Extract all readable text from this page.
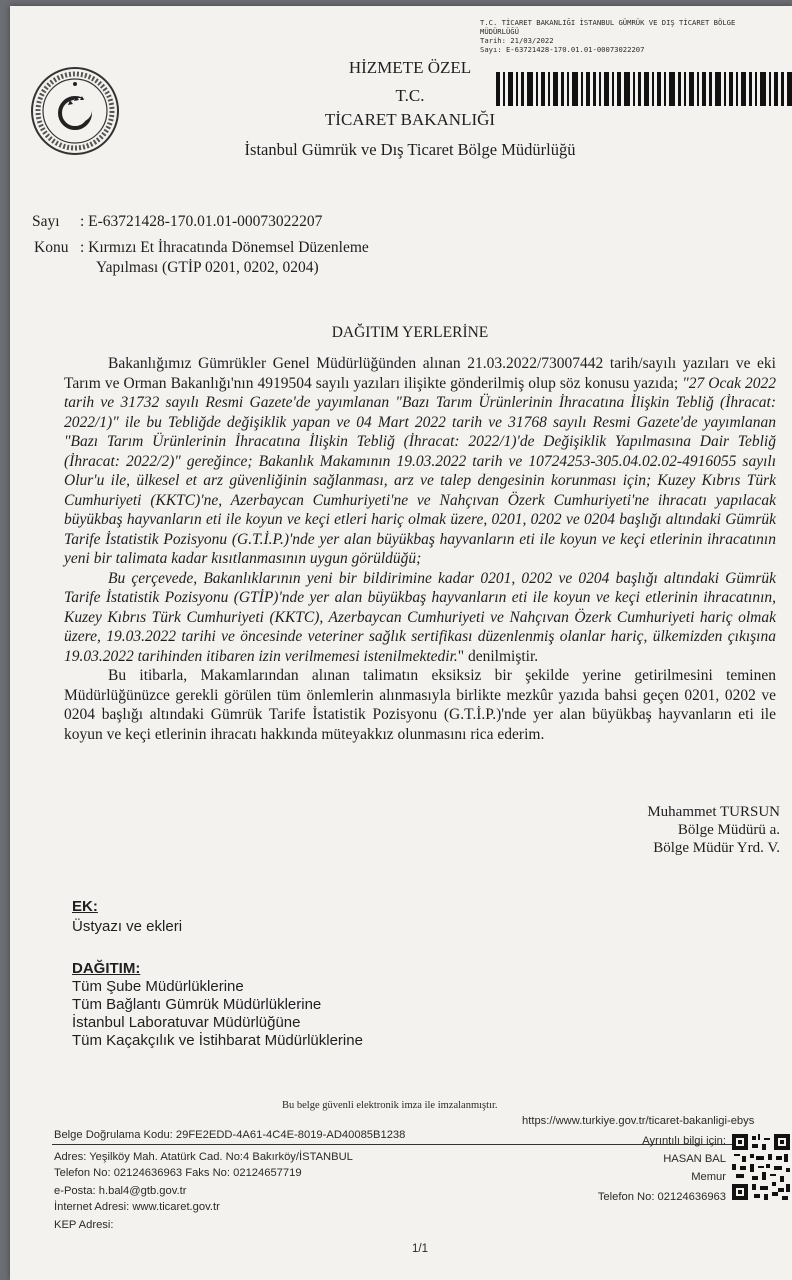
HİZMETE ÖZEL
T.C.
TİCARET BAKANLIĞI
İstanbul Gümrük ve Dış Ticaret Bölge Müdürlüğü
T.C. TİCARET BAKANLIĞI İSTANBUL GÜMRÜK VE DIŞ TİCARET BÖLGE
MÜDÜRLÜĞÜ
Tarih: 21/03/2022
Sayı: E-63721428-170.01.01-00073022207
Sayı : E-63721428-170.01.01-00073022207
Konu : Kırmızı Et İhracatında Dönemsel Düzenleme
Yapılması (GTİP 0201, 0202, 0204)
DAĞITIM YERLERİNE

Bakanlığımız Gümrükler Genel Müdürlüğünden alınan 21.03.2022/73007442 tarih/sayılı yazıları ve eki Tarım ve Orman Bakanlığı'nın 4919504 sayılı yazıları ilişikte gönderilmiş olup söz konusu yazıda; "27 Ocak 2022 tarih ve 31732 sayılı Resmi Gazete'de yayımlanan "Bazı Tarım Ürünlerinin İhracatına İlişkin Tebliğ (İhracat: 2022/1)" ile bu Tebliğde değişiklik yapan ve 04 Mart 2022 tarih ve 31768 sayılı Resmi Gazete'de yayımlanan "Bazı Tarım Ürünlerinin İhracatına İlişkin Tebliğ (İhracat: 2022/1)'de Değişiklik Yapılmasına Dair Tebliğ (İhracat: 2022/2)" gereğince; Bakanlık Makamının 19.03.2022 tarih ve 10724253-305.04.02.02-4916055 sayılı Olur'u ile, ülkesel et arz güvenliğinin sağlanması, arz ve talep dengesinin korunması için; Kuzey Kıbrıs Türk Cumhuriyeti (KKTC)'ne, Azerbaycan Cumhuriyeti'ne ve Nahçıvan Özerk Cumhuriyeti'ne ihracatı yapılacak büyükbaş hayvanların eti ile koyun ve keçi etleri hariç olmak üzere, 0201, 0202 ve 0204 başlığı altındaki Gümrük Tarife İstatistik Pozisyonu (G.T.İ.P.)'nde yer alan büyükbaş hayvanların eti ile koyun ve keçi etlerinin ihracatının yeni bir talimata kadar kısıtlanmasının uygun görüldüğü;

Bu çerçevede, Bakanlıklarının yeni bir bildirimine kadar 0201, 0202 ve 0204 başlığı altındaki Gümrük Tarife İstatistik Pozisyonu (GTİP)'nde yer alan büyükbaş hayvanların eti ile koyun ve keçi etlerinin ihracatının, Kuzey Kıbrıs Türk Cumhuriyeti (KKTC), Azerbaycan Cumhuriyeti ve Nahçıvan Özerk Cumhuriyeti hariç olmak üzere, 19.03.2022 tarihi ve öncesinde veteriner sağlık sertifikası düzenlenmiş olanlar hariç, ülkemizden çıkışına 19.03.2022 tarihinden itibaren izin verilmemesi istenilmektedir." denilmiştir.

Bu itibarla, Makamlarından alınan talimatın eksiksiz bir şekilde yerine getirilmesini teminen Müdürlüğünüzce gerekli görülen tüm önlemlerin alınmasıyla birlikte mezkûr yazıda bahsi geçen 0201, 0202 ve 0204 başlığı altındaki Gümrük Tarife İstatistik Pozisyonu (G.T.İ.P.)'nde yer alan büyükbaş hayvanların eti ile koyun ve keçi etlerinin ihracatı hakkında müteyakkız olunmasını rica ederim.

Muhammet TURSUN
Bölge Müdürü a.
Bölge Müdür Yrd. V.
EK:
Üstyazı ve ekleri
DAĞITIM:
Tüm Şube Müdürlüklerine
Tüm Bağlantı Gümrük Müdürlüklerine
İstanbul Laboratuvar Müdürlüğüne
Tüm Kaçakçılık ve İstihbarat Müdürlüklerine
Bu belge güvenli elektronik imza ile imzalanmıştır.
Belge Doğrulama Kodu: 29FE2EDD-4A61-4C4E-8019-AD40085B1238
https://www.turkiye.gov.tr/ticaret-bakanligi-ebys
Adres: Yeşilköy Mah. Atatürk Cad. No:4 Bakırköy/İSTANBUL
Telefon No: 02124636963 Faks No: 02124657719
e-Posta: h.bal4@gtb.gov.tr
İnternet Adresi: www.ticaret.gov.tr
KEP Adresi:
Ayrıntılı bilgi için:
HASAN BAL
Memur
Telefon No: 02124636963
1/1
